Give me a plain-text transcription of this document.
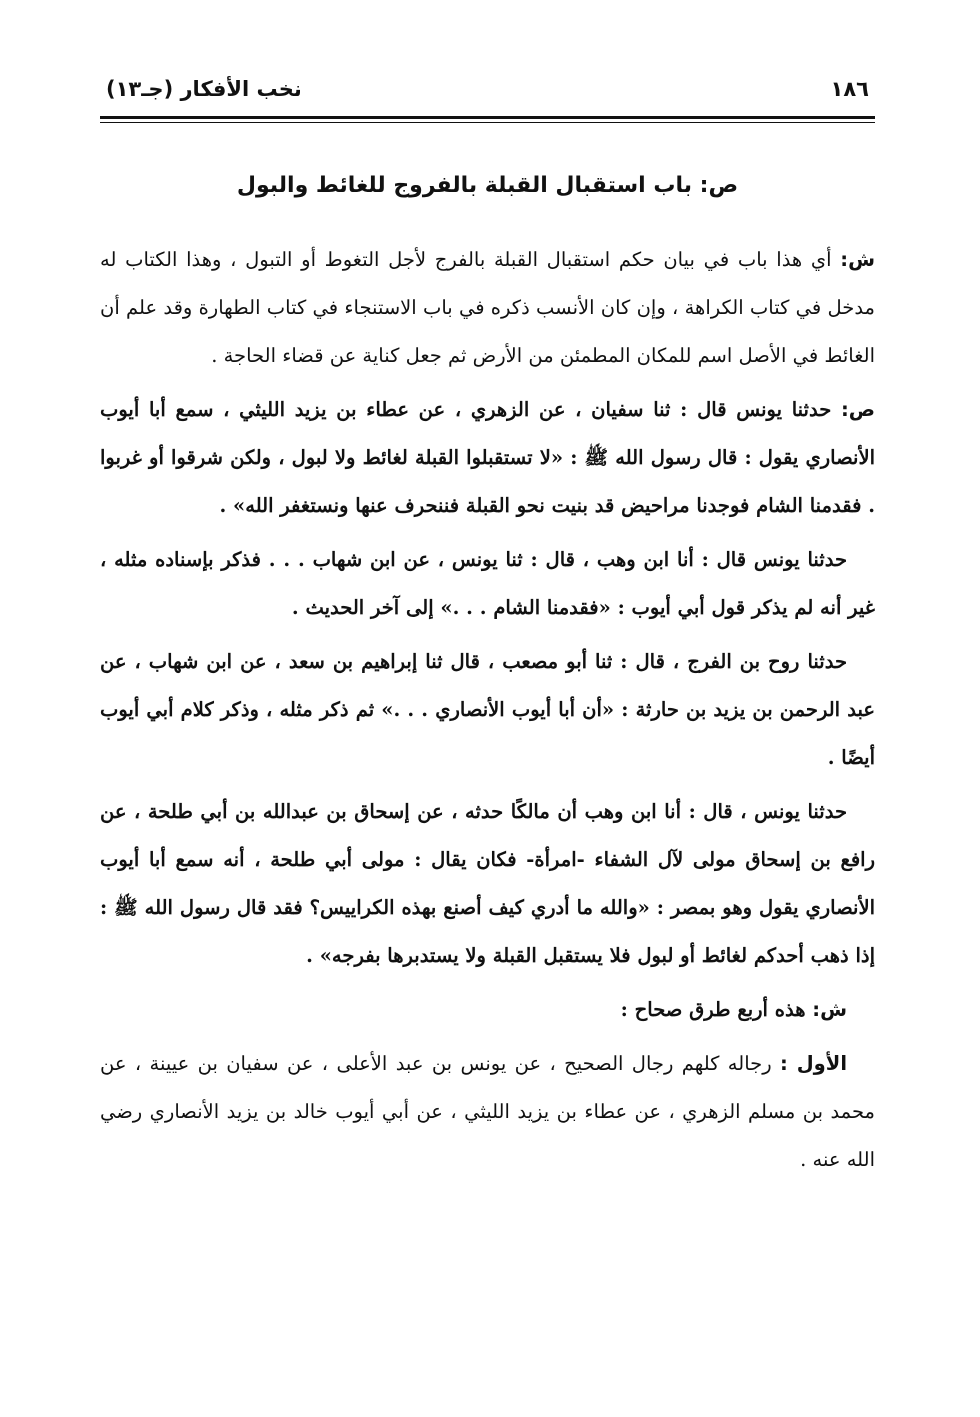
١٨٦
نخب الأفكار (جـ١٣)
ص: باب استقبال القبلة بالفروج للغائط والبول

ش: أي هذا باب في بيان حكم استقبال القبلة بالفرج لأجل التغوط أو التبول ، وهذا الكتاب له مدخل في كتاب الكراهة ، وإن كان الأنسب ذكره في باب الاستنجاء في كتاب الطهارة وقد علم أن الغائط في الأصل اسم للمكان المطمئن من الأرض ثم جعل كناية عن قضاء الحاجة .

ص: حدثنا يونس قال : ثنا سفيان ، عن الزهري ، عن عطاء بن يزيد الليثي ، سمع أبا أيوب الأنصاري يقول : قال رسول الله ﷺ : «لا تستقبلوا القبلة لغائط ولا لبول ، ولكن شرقوا أو غربوا . فقدمنا الشام فوجدنا مراحيض قد بنيت نحو القبلة فننحرف عنها ونستغفر الله» .

حدثنا يونس قال : أنا ابن وهب ، قال : ثنا يونس ، عن ابن شهاب . . . فذكر بإسناده مثله ، غير أنه لم يذكر قول أبي أيوب : «فقدمنا الشام . . .» إلى آخر الحديث .

حدثنا روح بن الفرج ، قال : ثنا أبو مصعب ، قال ثنا إبراهيم بن سعد ، عن ابن شهاب ، عن عبد الرحمن بن يزيد بن حارثة : «أن أبا أيوب الأنصاري . . .» ثم ذكر مثله ، وذكر كلام أبي أيوب أيضًا .

حدثنا يونس ، قال : أنا ابن وهب أن مالكًا حدثه ، عن إسحاق بن عبدالله بن أبي طلحة ، عن رافع بن إسحاق مولى لآل الشفاء -امرأة- فكان يقال : مولى أبي طلحة ، أنه سمع أبا أيوب الأنصاري يقول وهو بمصر : «والله ما أدري كيف أصنع بهذه الكراييس؟ فقد قال رسول الله ﷺ : إذا ذهب أحدكم لغائط أو لبول فلا يستقبل القبلة ولا يستدبرها بفرجه» .

ش: هذه أربع طرق صحاح :

الأول : رجاله كلهم رجال الصحيح ، عن يونس بن عبد الأعلى ، عن سفيان بن عيينة ، عن محمد بن مسلم الزهري ، عن عطاء بن يزيد الليثي ، عن أبي أيوب خالد بن يزيد الأنصاري رضي الله عنه .
